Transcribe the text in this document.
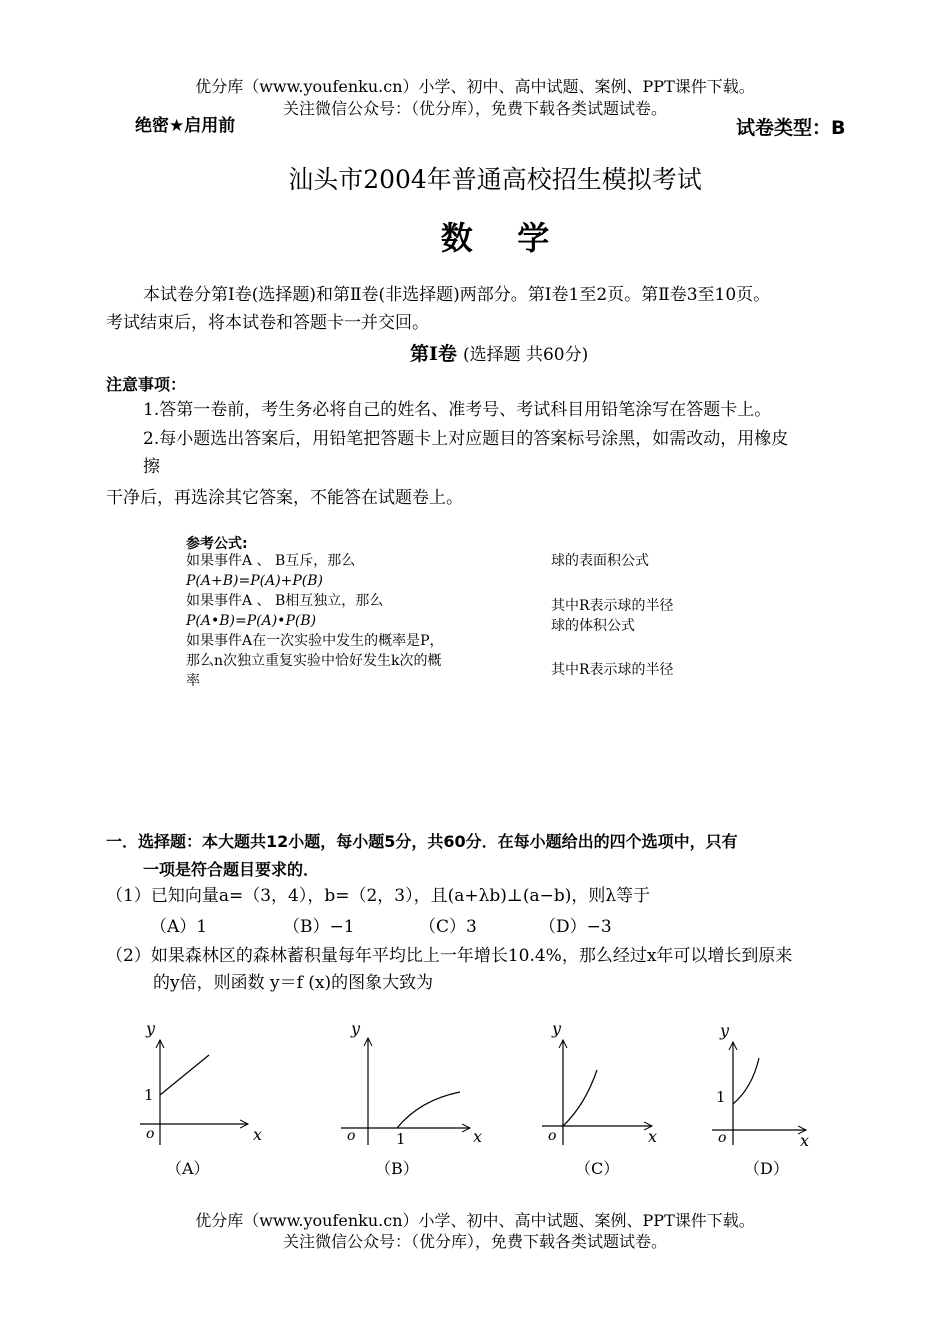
优分库（www.youfenku.cn）小学、初中、高中试题、案例、PPT课件下载。
关注微信公众号：（优分库），免费下载各类试题试卷。
绝密★启用前	试卷类型：B
汕头市2004年普通高校招生模拟考试
数    学
本试卷分第Ⅰ卷(选择题)和第Ⅱ卷(非选择题)两部分。第Ⅰ卷1至2页。第Ⅱ卷3至10页。
考试结束后，将本试卷和答题卡一并交回。
第Ⅰ卷 (选择题 共60分)
注意事项：
1.答第一卷前，考生务必将自己的姓名、准考号、考试科目用铅笔涂写在答题卡上。
2.每小题选出答案后，用铅笔把答题卡上对应题目的答案标号涂黑，如需改动，用橡皮
擦
干净后，再选涂其它答案，不能答在试题卷上。
参考公式:
如果事件A 、 B互斥，那么
P(A+B)=P(A)+P(B)
如果事件A 、 B相互独立，那么
P(A•B)=P(A)•P(B)
如果事件A在一次实验中发生的概率是P，
那么n次独立重复实验中恰好发生k次的概
率
球的表面积公式
其中R表示球的半径
球的体积公式
其中R表示球的半径
一．选择题：本大题共12小题，每小题5分，共60分．在每小题给出的四个选项中，只有
一项是符合题目要求的．
（1）已知向量a=（3，4），b=（2，3），且(a+λb)⊥(a−b)，则λ等于
（A）1	（B）−1	（C）3	（D）−3
（2）如果森林区的森林蓄积量每年平均比上一年增长10.4%，那么经过x年可以增长到原来
的y倍，则函数 y＝f (x)的图象大致为
y
x
o
1
（A）
y
x
o	1
（B）
y
x
o
（C）
y
x
o
1
（D）
优分库（www.youfenku.cn）小学、初中、高中试题、案例、PPT课件下载。
关注微信公众号：（优分库），免费下载各类试题试卷。
